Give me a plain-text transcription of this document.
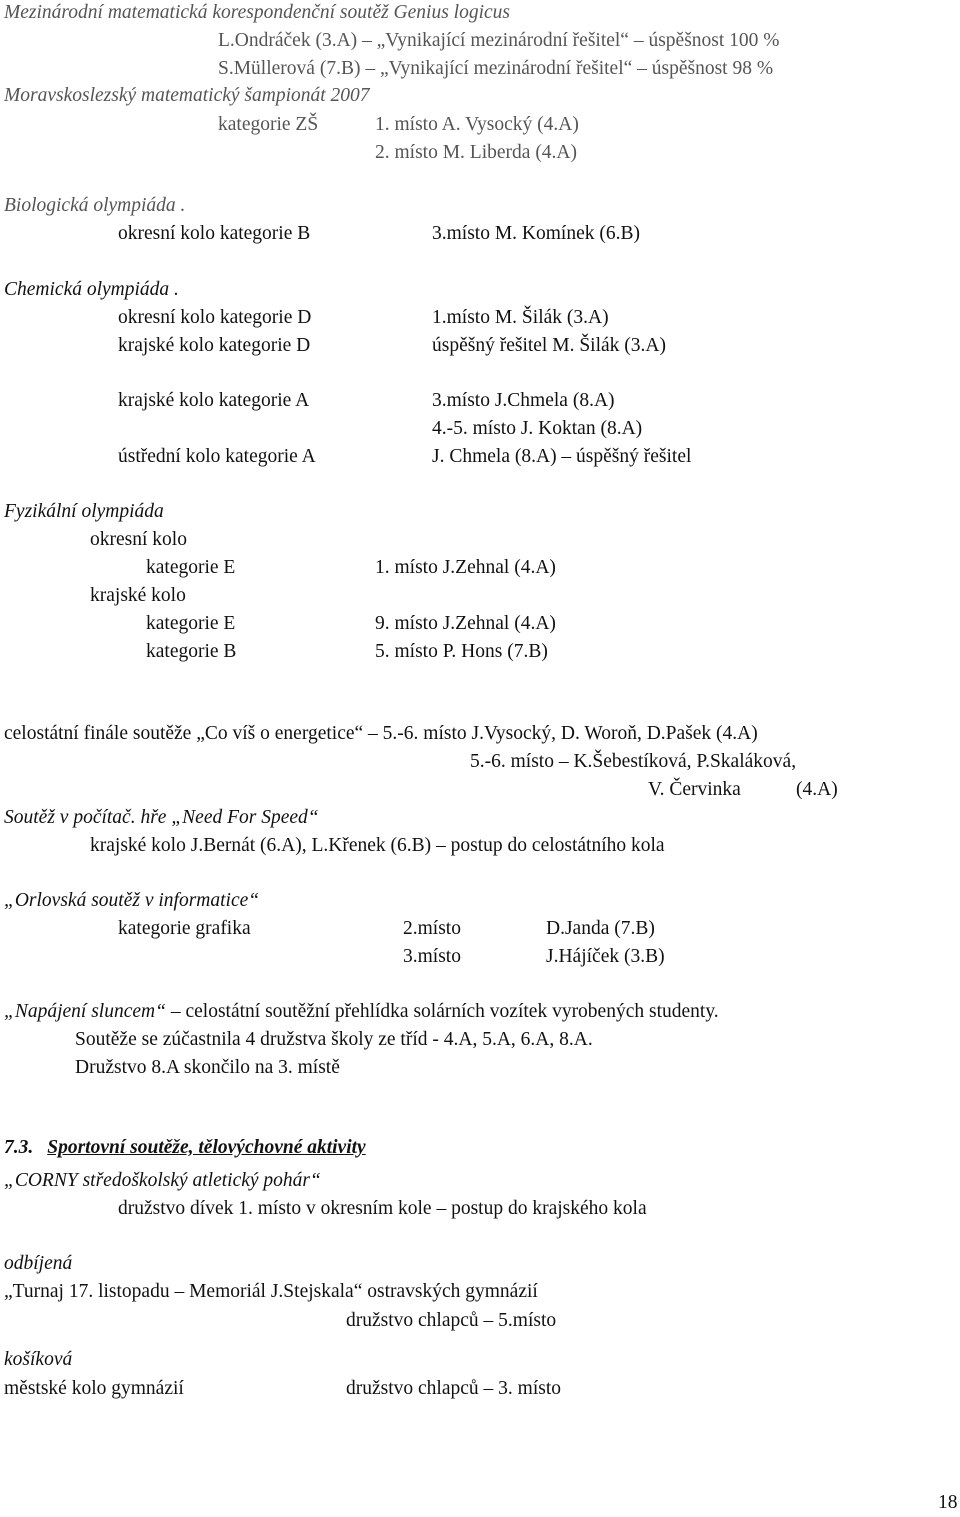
Mezinárodní matematická korespondenční soutěž Genius logicus
L.Ondráček (3.A) – „Vynikající mezinárodní řešitel“ – úspěšnost 100 %
S.Müllerová (7.B) – „Vynikající mezinárodní řešitel“ – úspěšnost 98 %
Moravskoslezský matematický šampionát 2007
kategorie ZŠ	1. místo A. Vysocký (4.A)
2. místo M. Liberda (4.A)
Biologická olympiáda .
okresní kolo kategorie B	3.místo M. Komínek (6.B)
Chemická olympiáda .
okresní kolo kategorie D	1.místo M. Šilák (3.A)
krajské kolo kategorie D	úspěšný řešitel M. Šilák (3.A)
krajské kolo kategorie A	3.místo J.Chmela (8.A)
4.-5. místo J. Koktan (8.A)
ústřední kolo kategorie A	J. Chmela (8.A) – úspěšný řešitel
Fyzikální olympiáda
okresní kolo
kategorie E	1. místo J.Zehnal (4.A)
krajské kolo
kategorie E	9. místo J.Zehnal (4.A)
kategorie B	5. místo P. Hons (7.B)
celostátní finále soutěže „Co víš o energetice“ – 5.-6. místo J.Vysocký, D. Woroň, D.Pašek (4.A)
5.-6. místo – K.Šebestíková, P.Skaláková,
V. Červinka	(4.A)
Soutěž v počítač. hře „Need For Speed“
krajské kolo J.Bernát (6.A), L.Křenek (6.B) – postup do celostátního kola
„Orlovská soutěž v informatice“
kategorie grafika	2.místo	D.Janda (7.B)
3.místo	J.Hájíček (3.B)
„Napájení sluncem“ – celostátní soutěžní přehlídka solárních vozítek vyrobených studenty.
Soutěže se zúčastnila 4 družstva školy ze tříd - 4.A, 5.A, 6.A, 8.A.
Družstvo 8.A skončilo na 3. místě
7.3. Sportovní soutěže, tělovýchovné aktivity
„CORNY středoškolský atletický pohár“
družstvo dívek 1. místo v okresním kole – postup do krajského kola
odbíjená
„Turnaj 17. listopadu – Memoriál J.Stejskala“ ostravských gymnázií
družstvo chlapců – 5.místo
košíková
městské kolo gymnázií	družstvo chlapců – 3. místo
18
